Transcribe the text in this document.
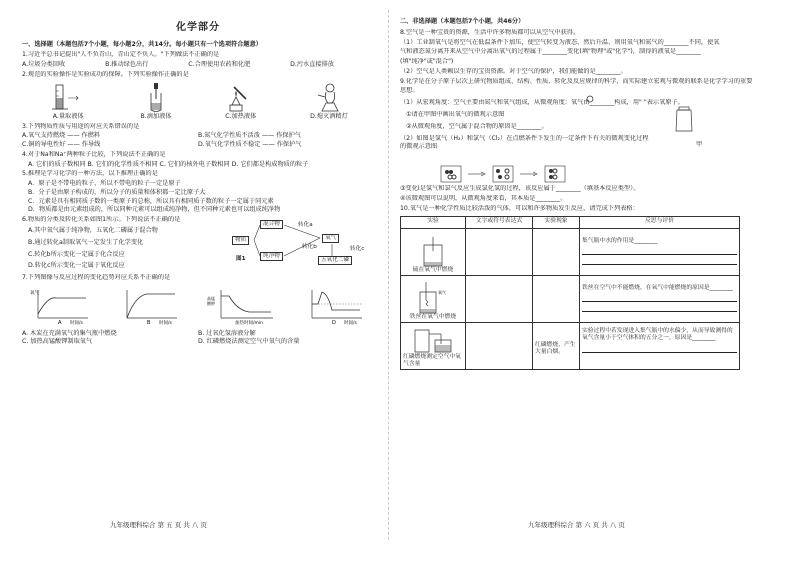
化学部分
一、选择题（本题包括7个小题，每小题2分，共14分。每小题只有一个选项符合题意）
1.习近平总书记提出"人不负青山，青山定不负人。"下列做法不正确的是
A.垃圾分类回收	B.推动绿色出行	C.合理使用农药和化肥	D.污水直接排放
2.规范的实验操作是实验成功的保障。下列实验操作正确的是
A.量取液体	B.滴加液体	C.加热液体	D.熄灭酒精灯
3.下列物质性质与用途的对应关系错误的是
A.氧气支持燃烧 —— 作燃料	B.氮气化学性质不活泼 —— 作保护气
C.铜的导电性好 —— 作导线	D.氧气化学性质不稳定 —— 作保护气
4.对于Na和Na⁺两种粒子比较，下列说法不正确的是
A. 它们的质子数相同 B. 它们的化学性质不相同 C. 它们的核外电子数相同 D. 它们都是构成物质的粒子
5.推理是学习化学的一种方法，以下推理正确的是
A．原子是不带电的粒子，所以不带电的粒子一定是原子
B．分子是由原子构成的，所以分子的质量和体积都一定比原子大
C．元素是具有相同质子数的一类原子的总称，所以具有相同质子数的粒子一定属于同元素
D．物质都是由元素组成的，所以同种元素可以组成纯净物，但不同种元素也可以组成纯净物
6.物质的分类及转化关系如图1所示。下列说法不正确的是
A.其中氧气属于纯净物，五氧化二磷属于混合物
B.通过转化a制取氧气一定发生了化学变化
C.转化b所示变化一定属于化合反应
D.转化c所示变化一定属于氧化反应
物质
混合物
纯净物
氧气
五氧化二磷
转化a
转化c
转化b
图1
7.下列图像与反应过程的变化趋势对应关系不正确的是
氧气
时间/s
A	时间/s
B
高锰
酸钾
加热时间/min	时间/s
D
A. 木炭在充满氧气的集气瓶中燃烧	B. 过氧化氢溶液分解
C. 加热高锰酸钾制取氧气	D. 红磷燃烧法测定空气中氧气的含量
九年级理科综合 第 五 页 共 八 页
二、非选择题（本题包括7个小题，共46分）
8.空气是一种宝贵的资源，生活中许多物质都可以从空气中获得。
（1）工业制氧气是将空气在低温条件下加压，使空气转变为液态，然后升温，则用氧气和氮气的________不同，使氧
气和液态氮分离开来从空气中分离出氧气的过程属于________变化(填"物理"或"化学")，制得的液氧是________
(填"纯净"或"混合")
（2）空气是人类赖以生存的宝贵资源。对于空气的保护，我们能做的是________。
9.化学是在分子原子层次上研究物质组成、结构、性质、转化及反应规律的科学，而实际建立宏观与微观的联系是化学学习的重要
思想。
（1）从宏观角度：空气主要由氮气和氧气组成，从微观角度：氧气由________构成，用" "表示氧原子。
①请在甲图中画出氧气的微观示意图
②从微观角度，空气属于混合物的原因是________。
（2）如图是氢气（H₂）和氯气（Cl₂）在点燃条件下发生的一定条件下有关的微观变化过程的微观示意图	甲
③变化Ⅰ是氢气和氯气反应生成氯化氢的过程，该反应属于________（填基本反应类型）。
④该微观图可以说明，从微观角度来看，其本质是________。
10.氧气是一种化学性质比较活泼的气体，可以和许多物质发生反应，请完成下列表格：
实验	文字或符号表达式	实验现象	反思与评价

硫在氧气中燃烧			集气瓶中水的作用是________

氧气
铁丝在氧气中燃烧			铁丝在空气中不能燃烧，在氧气中能燃烧的原因是________

红磷燃烧测定空气中氧气含量		红磷燃烧，产生大量白烟。	实验过程中若发现进入集气瓶中的水偏少，从而导致测得的氧气含量小于空气体积的五分之一，原因是________
九年级理科综合 第 六 页 共 八 页
